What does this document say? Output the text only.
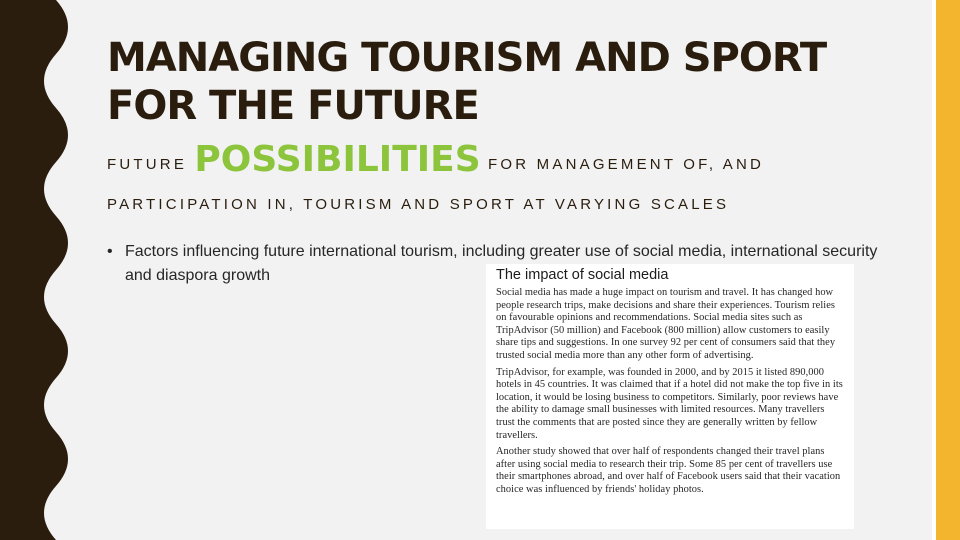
MANAGING TOURISM AND SPORT FOR THE FUTURE
FUTURE POSSIBILITIES FOR MANAGEMENT OF, AND
PARTICIPATION IN, TOURISM AND SPORT AT VARYING SCALES
• Factors influencing future international tourism, including greater use of social media, international security and diaspora growth	The impact of social media

Social media has made a huge impact on tourism and travel. It has changed how people research trips, make decisions and share their experiences. Tourism relies on favourable opinions and recommendations. Social media sites such as TripAdvisor (50 million) and Facebook (800 million) allow customers to easily share tips and suggestions. In one survey 92 per cent of consumers said that they trusted social media more than any other form of advertising.

TripAdvisor, for example, was founded in 2000, and by 2015 it listed 890,000 hotels in 45 countries. It was claimed that if a hotel did not make the top five in its location, it would be losing business to competitors. Similarly, poor reviews have the ability to damage small businesses with limited resources. Many travellers trust the comments that are posted since they are generally written by fellow travellers.

Another study showed that over half of respondents changed their travel plans after using social media to research their trip. Some 85 per cent of travellers use their smartphones abroad, and over half of Facebook users said that their vacation choice was influenced by friends' holiday photos.
